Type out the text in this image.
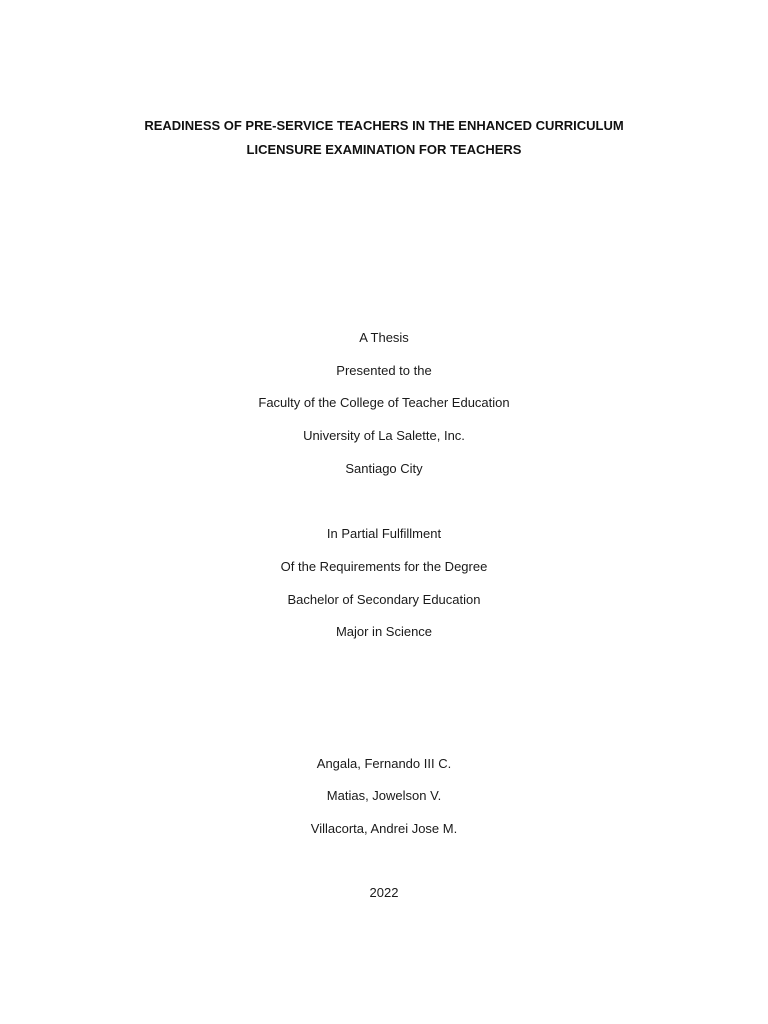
READINESS OF PRE-SERVICE TEACHERS IN THE ENHANCED CURRICULUM
LICENSURE EXAMINATION FOR TEACHERS
A Thesis
Presented to the
Faculty of the College of Teacher Education
University of La Salette, Inc.
Santiago City
In Partial Fulfillment
Of the Requirements for the Degree
Bachelor of Secondary Education
Major in Science
Angala, Fernando III C.
Matias, Jowelson V.
Villacorta, Andrei Jose M.
2022
